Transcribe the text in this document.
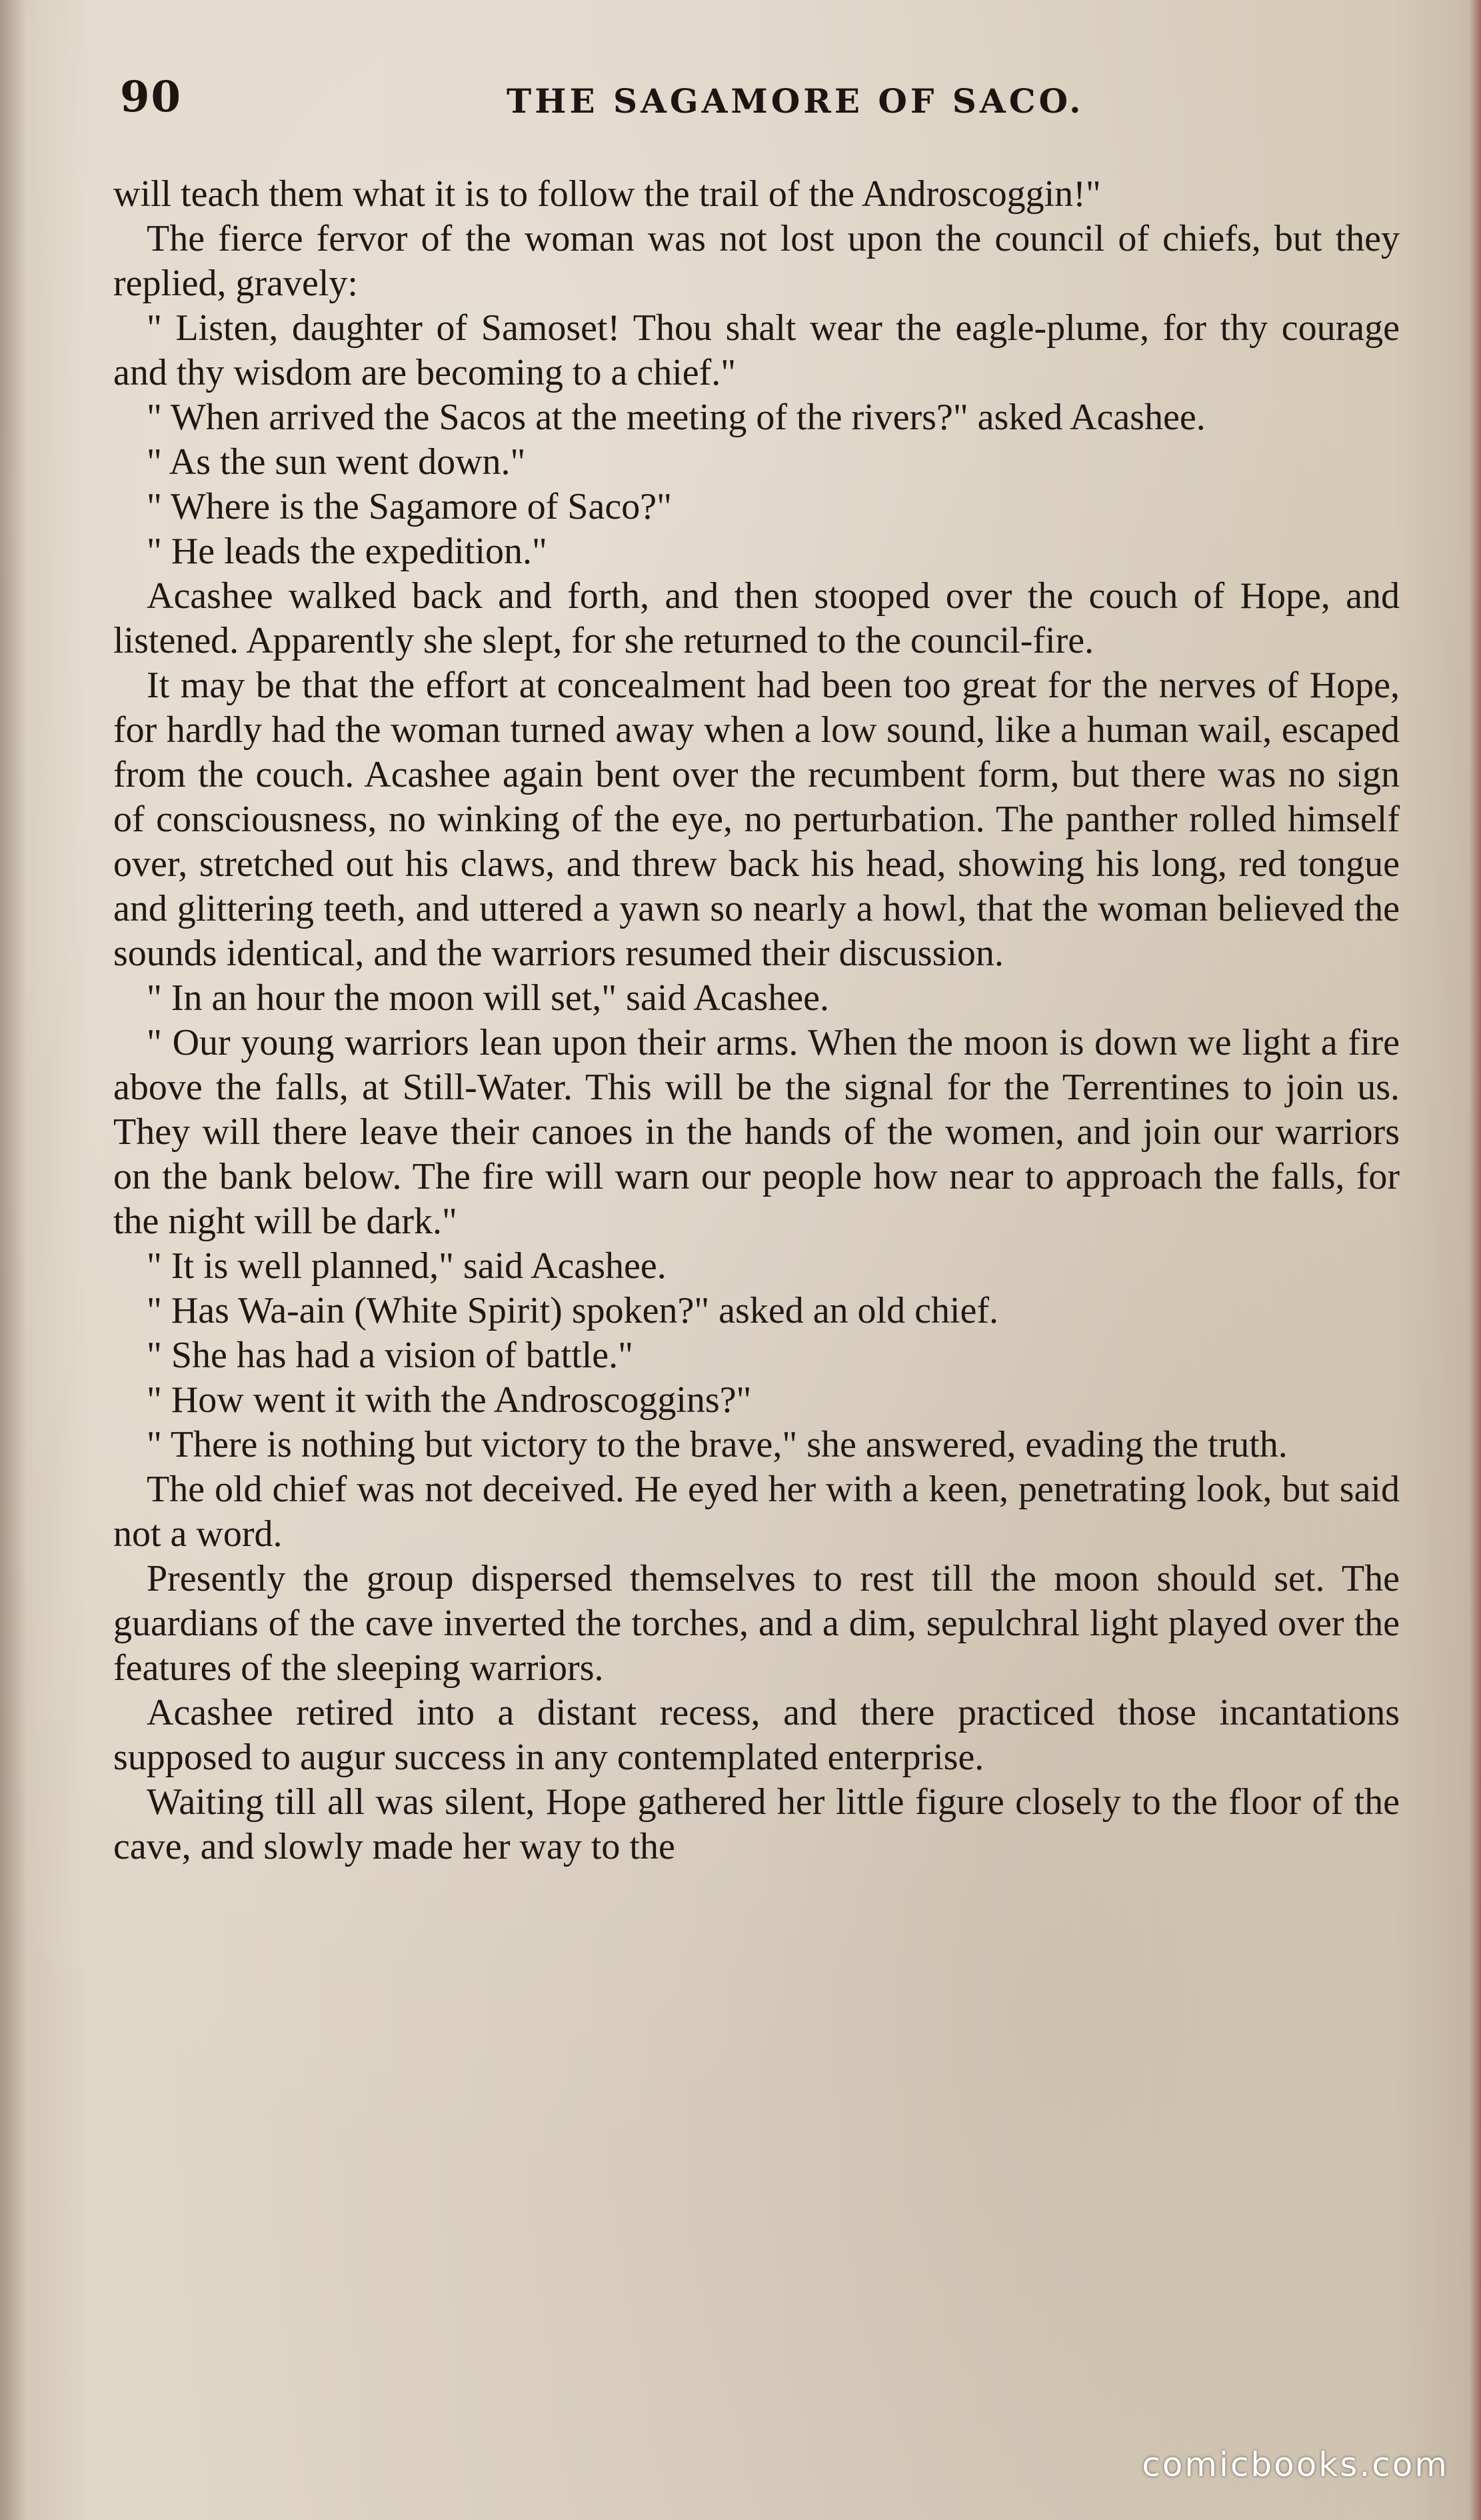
90	THE SAGAMORE OF SACO.

will teach them what it is to follow the trail of the Androscoggin!"

The fierce fervor of the woman was not lost upon the council of chiefs, but they replied, gravely:

" Listen, daughter of Samoset! Thou shalt wear the eagle-plume, for thy courage and thy wisdom are becoming to a chief."

" When arrived the Sacos at the meeting of the rivers?" asked Acashee.

" As the sun went down."

" Where is the Sagamore of Saco?"

" He leads the expedition."

Acashee walked back and forth, and then stooped over the couch of Hope, and listened. Apparently she slept, for she returned to the council-fire.

It may be that the effort at concealment had been too great for the nerves of Hope, for hardly had the woman turned away when a low sound, like a human wail, escaped from the couch. Acashee again bent over the recumbent form, but there was no sign of consciousness, no winking of the eye, no perturbation. The panther rolled himself over, stretched out his claws, and threw back his head, showing his long, red tongue and glittering teeth, and uttered a yawn so nearly a howl, that the woman believed the sounds identical, and the warriors resumed their discussion.

" In an hour the moon will set," said Acashee.

" Our young warriors lean upon their arms. When the moon is down we light a fire above the falls, at Still-Water. This will be the signal for the Terrentines to join us. They will there leave their canoes in the hands of the women, and join our warriors on the bank below. The fire will warn our people how near to approach the falls, for the night will be dark."

" It is well planned," said Acashee.

" Has Wa-ain (White Spirit) spoken?" asked an old chief.

" She has had a vision of battle."

" How went it with the Androscoggins?"

" There is nothing but victory to the brave," she answered, evading the truth.

The old chief was not deceived. He eyed her with a keen, penetrating look, but said not a word.

Presently the group dispersed themselves to rest till the moon should set. The guardians of the cave inverted the torches, and a dim, sepulchral light played over the features of the sleeping warriors.

Acashee retired into a distant recess, and there practiced those incantations supposed to augur success in any contemplated enterprise.

Waiting till all was silent, Hope gathered her little figure closely to the floor of the cave, and slowly made her way to the

comicbooks.com
